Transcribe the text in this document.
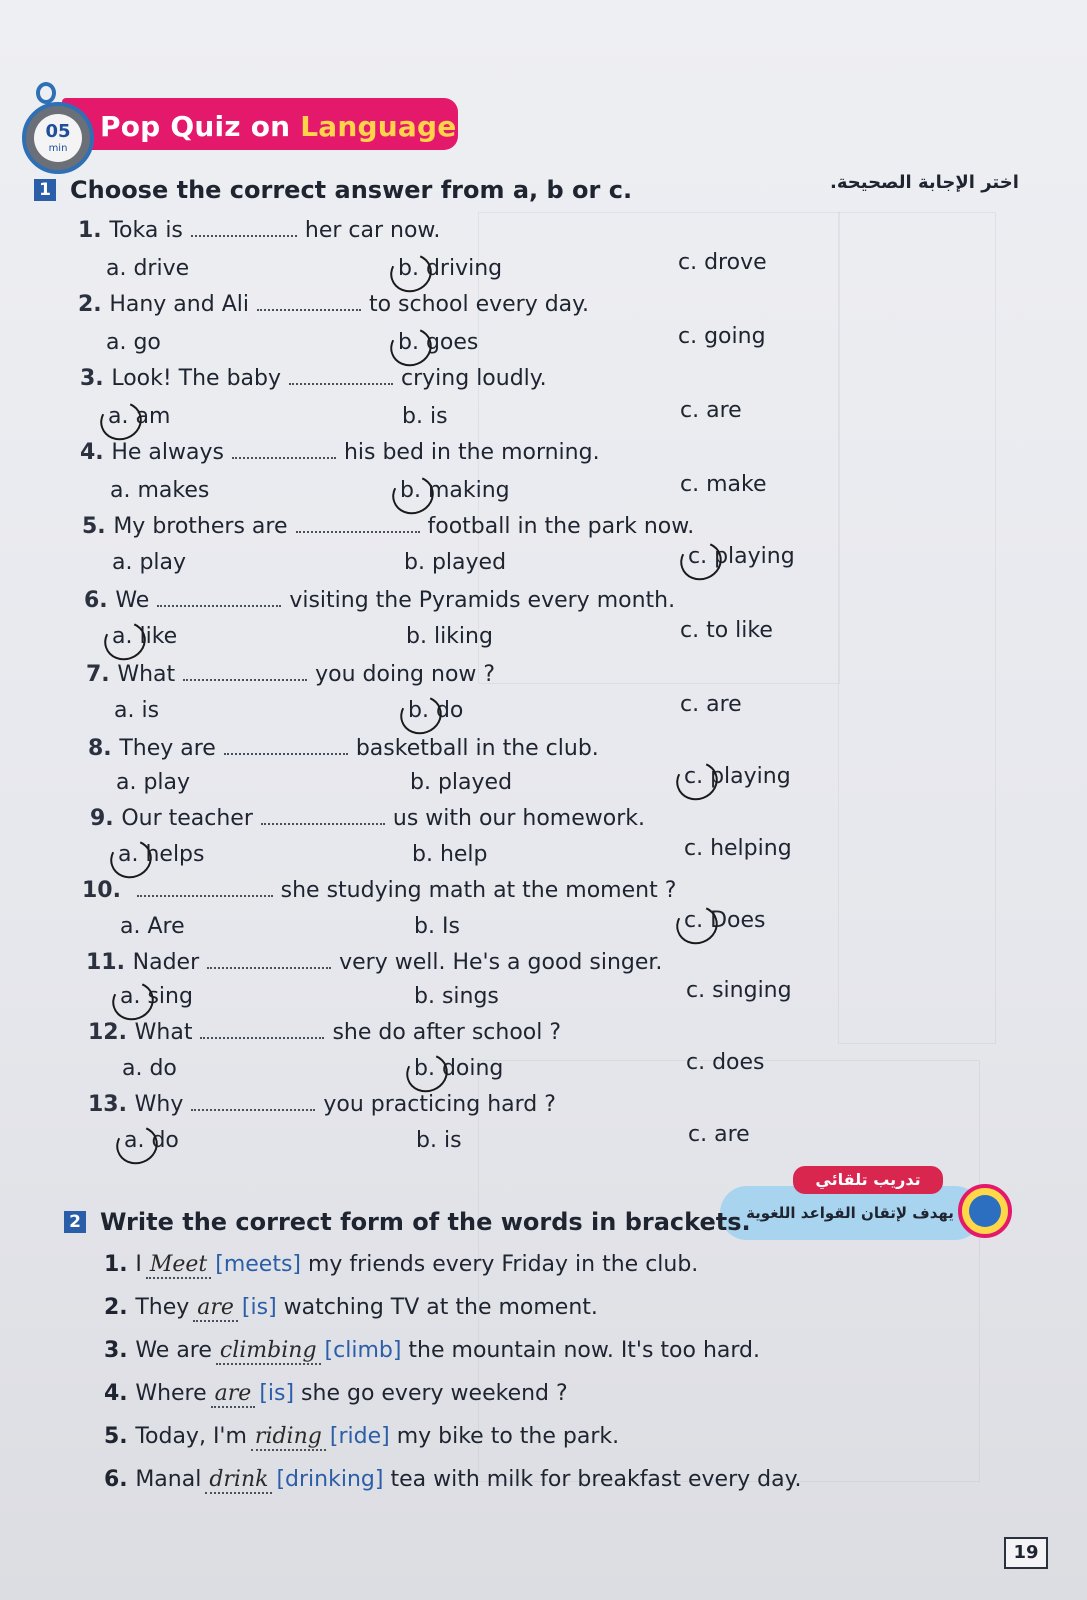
05
min
Pop Quiz on Language
1 Choose the correct answer from a, b or c.	اختر الإجابة الصحيحة.
1. Toka is	her car now.
a. drive	b. driving	c. drove
2. Hany and Ali	to school every day.
a. go	b. goes	c. going
3. Look! The baby	crying loudly.
a. am	b. is	c. are
4. He always	his bed in the morning.
a. makes	b. making	c. make
5. My brothers are	football in the park now.
a. play	b. played	c. playing
6. We	visiting the Pyramids every month.
a. like	b. liking	c. to like
7. What	you doing now ?
a. is	b. do	c. are
8. They are	basketball in the club.
a. play	b. played	c. playing
9. Our teacher	us with our homework.
a. helps	b. help	c. helping
10.	she studying math at the moment ?
a. Are	b. Is	c. Does
11. Nader	very well. He's a good singer.
a. sing	b. sings	c. singing
12. What	she do after school ?
a. do	b. doing	c. does
13. Why	you practicing hard ?
a. do	b. is	c. are
تدريب تلقائي
يهدف لإتقان القواعد اللغوية
2 Write the correct form of the words in brackets.
1. I Meet [meets] my friends every Friday in the club.
2. They are [is] watching TV at the moment.
3. We are climbing [climb] the mountain now. It's too hard.
4. Where are [is] she go every weekend ?
5. Today, I'm riding [ride] my bike to the park.
6. Manal drink [drinking] tea with milk for breakfast every day.
19
